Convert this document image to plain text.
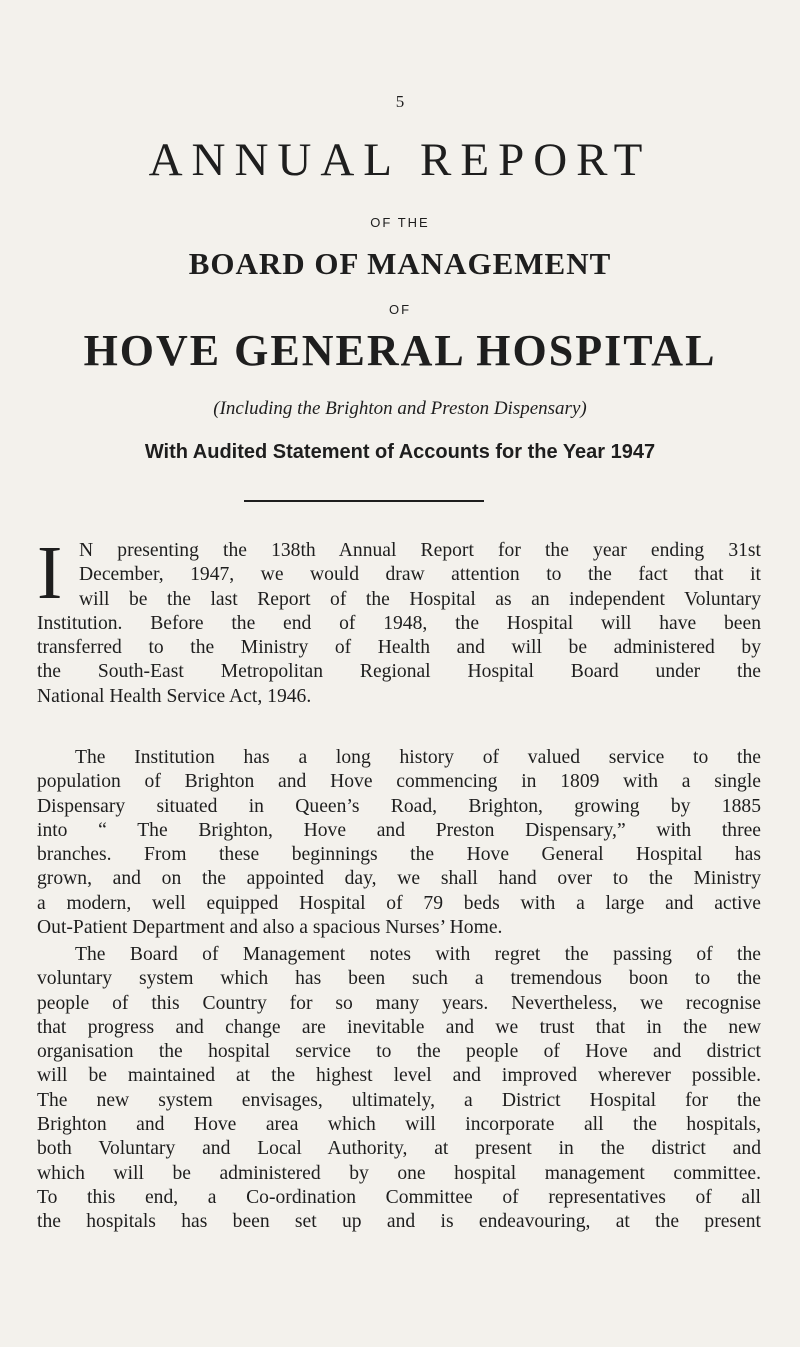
5
ANNUAL REPORT
OF THE
BOARD OF MANAGEMENT
OF
HOVE GENERAL HOSPITAL
(Including the Brighton and Preston Dispensary)
With Audited Statement of Accounts for the Year 1947
I N presenting the 138th Annual Report for the year ending 31st
December, 1947, we would draw attention to the fact that it
will be the last Report of the Hospital as an independent Voluntary
Institution. Before the end of 1948, the Hospital will have been
transferred to the Ministry of Health and will be administered by
the South-East Metropolitan Regional Hospital Board under the
National Health Service Act, 1946.
The Institution has a long history of valued service to the
population of Brighton and Hove commencing in 1809 with a single
Dispensary situated in Queen’s Road, Brighton, growing by 1885
into “ The Brighton, Hove and Preston Dispensary,” with three
branches. From these beginnings the Hove General Hospital has
grown, and on the appointed day, we shall hand over to the Ministry
a modern, well equipped Hospital of 79 beds with a large and active
Out-Patient Department and also a spacious Nurses’ Home.
The Board of Management notes with regret the passing of the
voluntary system which has been such a tremendous boon to the
people of this Country for so many years. Nevertheless, we recognise
that progress and change are inevitable and we trust that in the new
organisation the hospital service to the people of Hove and district
will be maintained at the highest level and improved wherever possible.
The new system envisages, ultimately, a District Hospital for the
Brighton and Hove area which will incorporate all the hospitals,
both Voluntary and Local Authority, at present in the district and
which will be administered by one hospital management committee.
To this end, a Co-ordination Committee of representatives of all
the hospitals has been set up and is endeavouring, at the present
